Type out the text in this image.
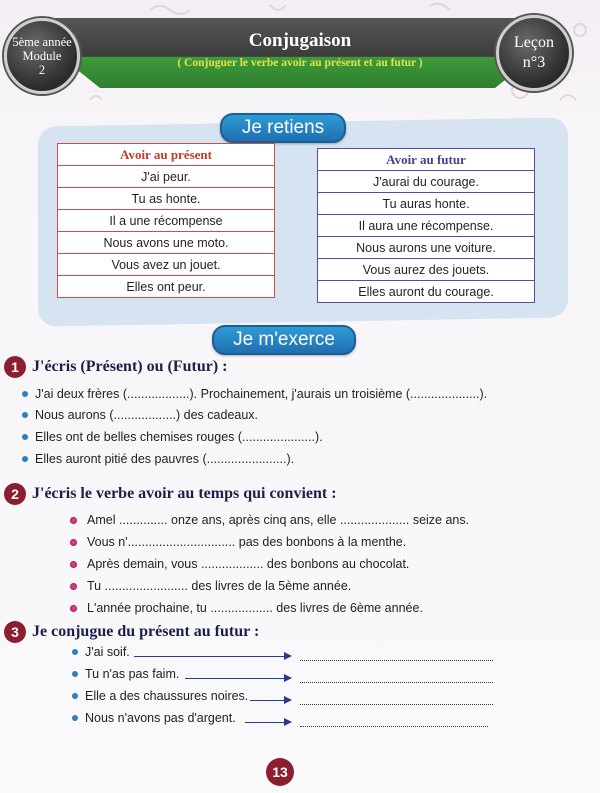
5ème année
Module
2
Conjugaison
( Conjuguer le verbe avoir au présent et au futur )
Leçon
n°3
Je retiens
Avoir au présent
J'ai peur.
Tu as honte.
Il a une récompense
Nous avons une moto.
Vous avez un jouet.
Elles ont peur.
Avoir au futur
J'aurai du courage.
Tu auras honte.
Il aura une récompense.
Nous aurons une voiture.
Vous aurez des jouets.
Elles auront du courage.
Je m'exerce
1 J'écris (Présent) ou (Futur) :
J'ai deux frères (..................). Prochainement, j'aurais un troisième (....................).
Nous aurons (..................) des cadeaux.
Elles ont de belles chemises rouges (.....................).
Elles auront pitié des pauvres (.......................).
2 J'écris le verbe avoir au temps qui convient :
Amel .............. onze ans, après cinq ans, elle .................... seize ans.
Vous n'............................... pas des bonbons à la menthe.
Après demain, vous .................. des bonbons au chocolat.
Tu ........................ des livres de la 5ème année.
L'année prochaine, tu .................. des livres de 6ème année.
3 Je conjugue du présent au futur :
J'ai soif.
Tu n'as pas faim.
Elle a des chaussures noires.
Nous n'avons pas d'argent.
13
